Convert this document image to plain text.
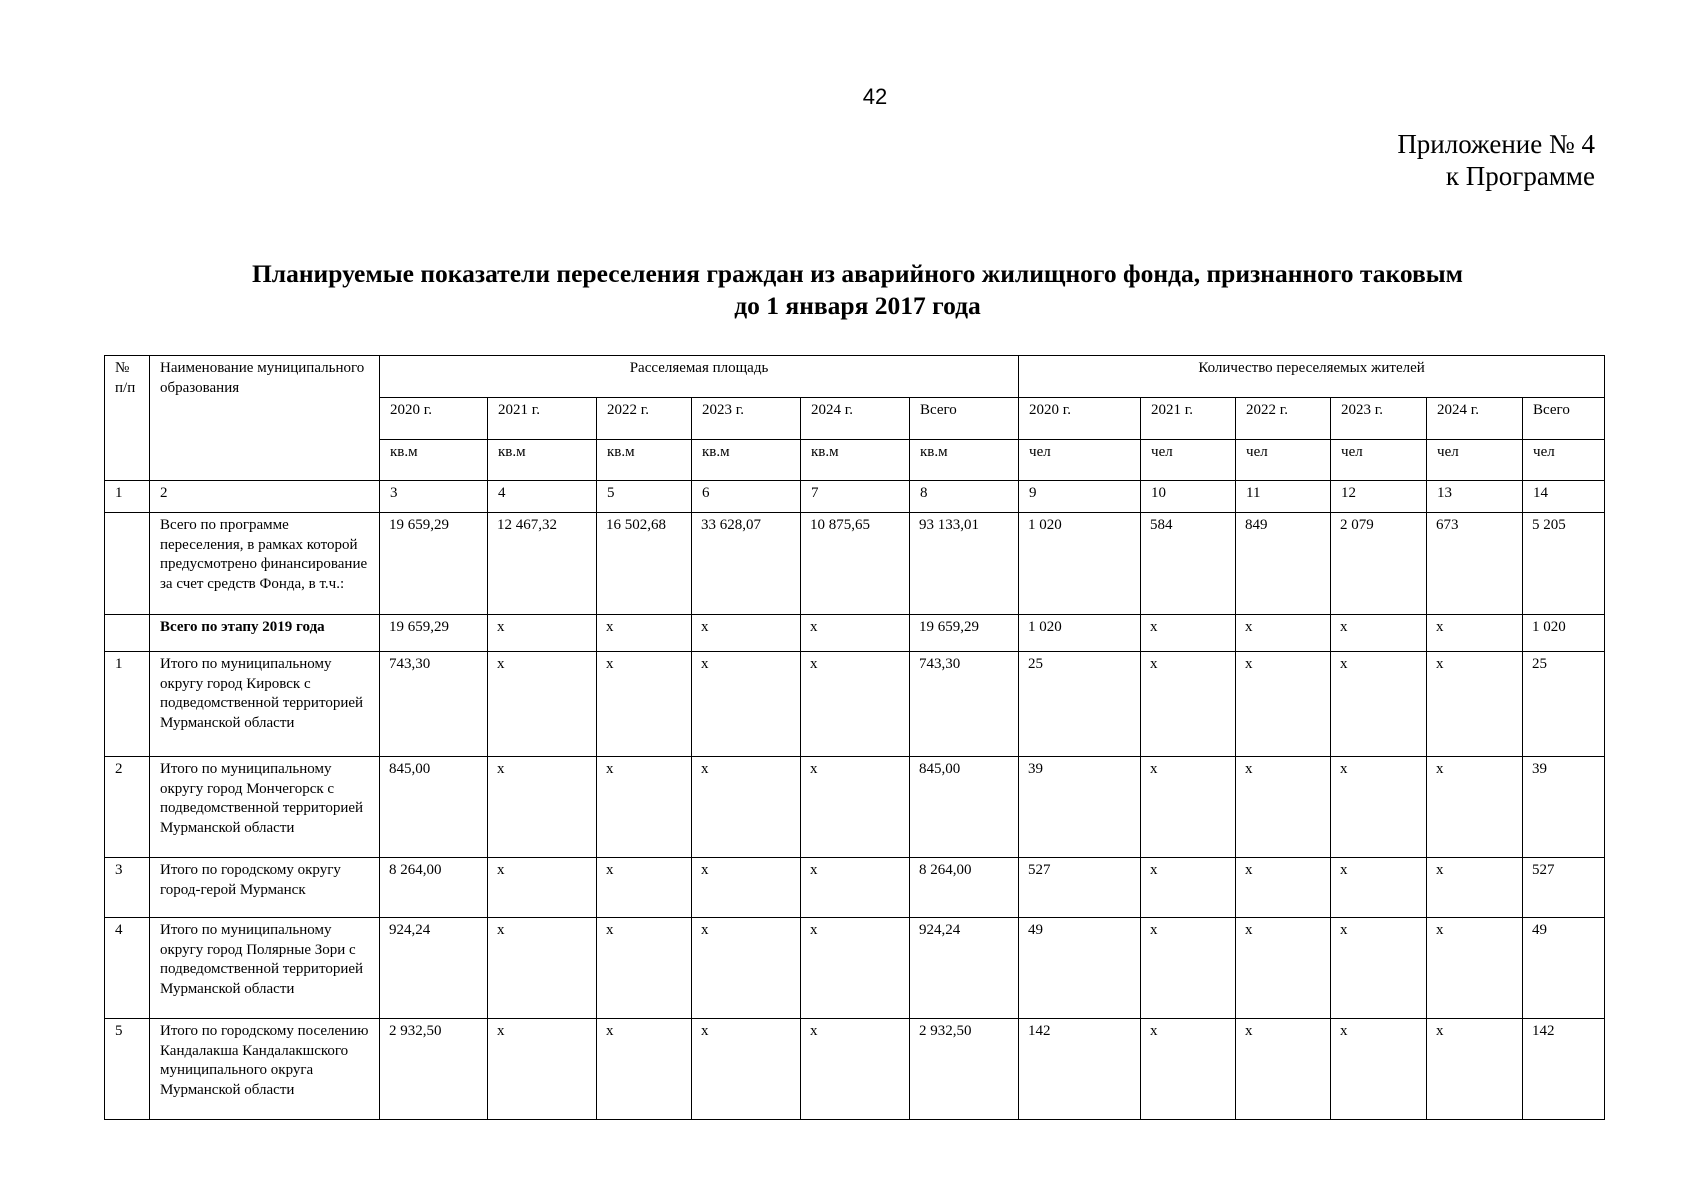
42
Приложение № 4
к Программе
Планируемые показатели переселения граждан из аварийного жилищного фонда, признанного таковым
до 1 января 2017 года
№ п/п	Наименование муниципального образования	Расселяемая площадь						Количество переселяемых жителей					
		2020 г.	2021 г.	2022 г.	2023 г.	2024 г.	Всего	2020 г.	2021 г.	2022 г.	2023 г.	2024 г.	Всего
		кв.м	кв.м	кв.м	кв.м	кв.м	кв.м	чел	чел	чел	чел	чел	чел
1	2	3	4	5	6	7	8	9	10	11	12	13	14
	Всего по программе переселения, в рамках которой предусмотрено финансирование за счет средств Фонда, в т.ч.:	19 659,29	12 467,32	16 502,68	33 628,07	10 875,65	93 133,01	1 020	584	849	2 079	673	5 205
	Всего по этапу 2019 года	19 659,29	x	x	x	x	19 659,29	1 020	x	x	x	x	1 020
1	Итого по муниципальному округу город Кировск с подведомственной территорией Мурманской области	743,30	x	x	x	x	743,30	25	x	x	x	x	25
2	Итого по муниципальному округу город Мончегорск с подведомственной территорией Мурманской области	845,00	x	x	x	x	845,00	39	x	x	x	x	39
3	Итого по городскому округу город-герой Мурманск	8 264,00	x	x	x	x	8 264,00	527	x	x	x	x	527
4	Итого по муниципальному округу город Полярные Зори с подведомственной территорией Мурманской области	924,24	x	x	x	x	924,24	49	x	x	x	x	49
5	Итого по городскому поселению Кандалакша Кандалакшского муниципального округа Мурманской области	2 932,50	x	x	x	x	2 932,50	142	x	x	x	x	142
